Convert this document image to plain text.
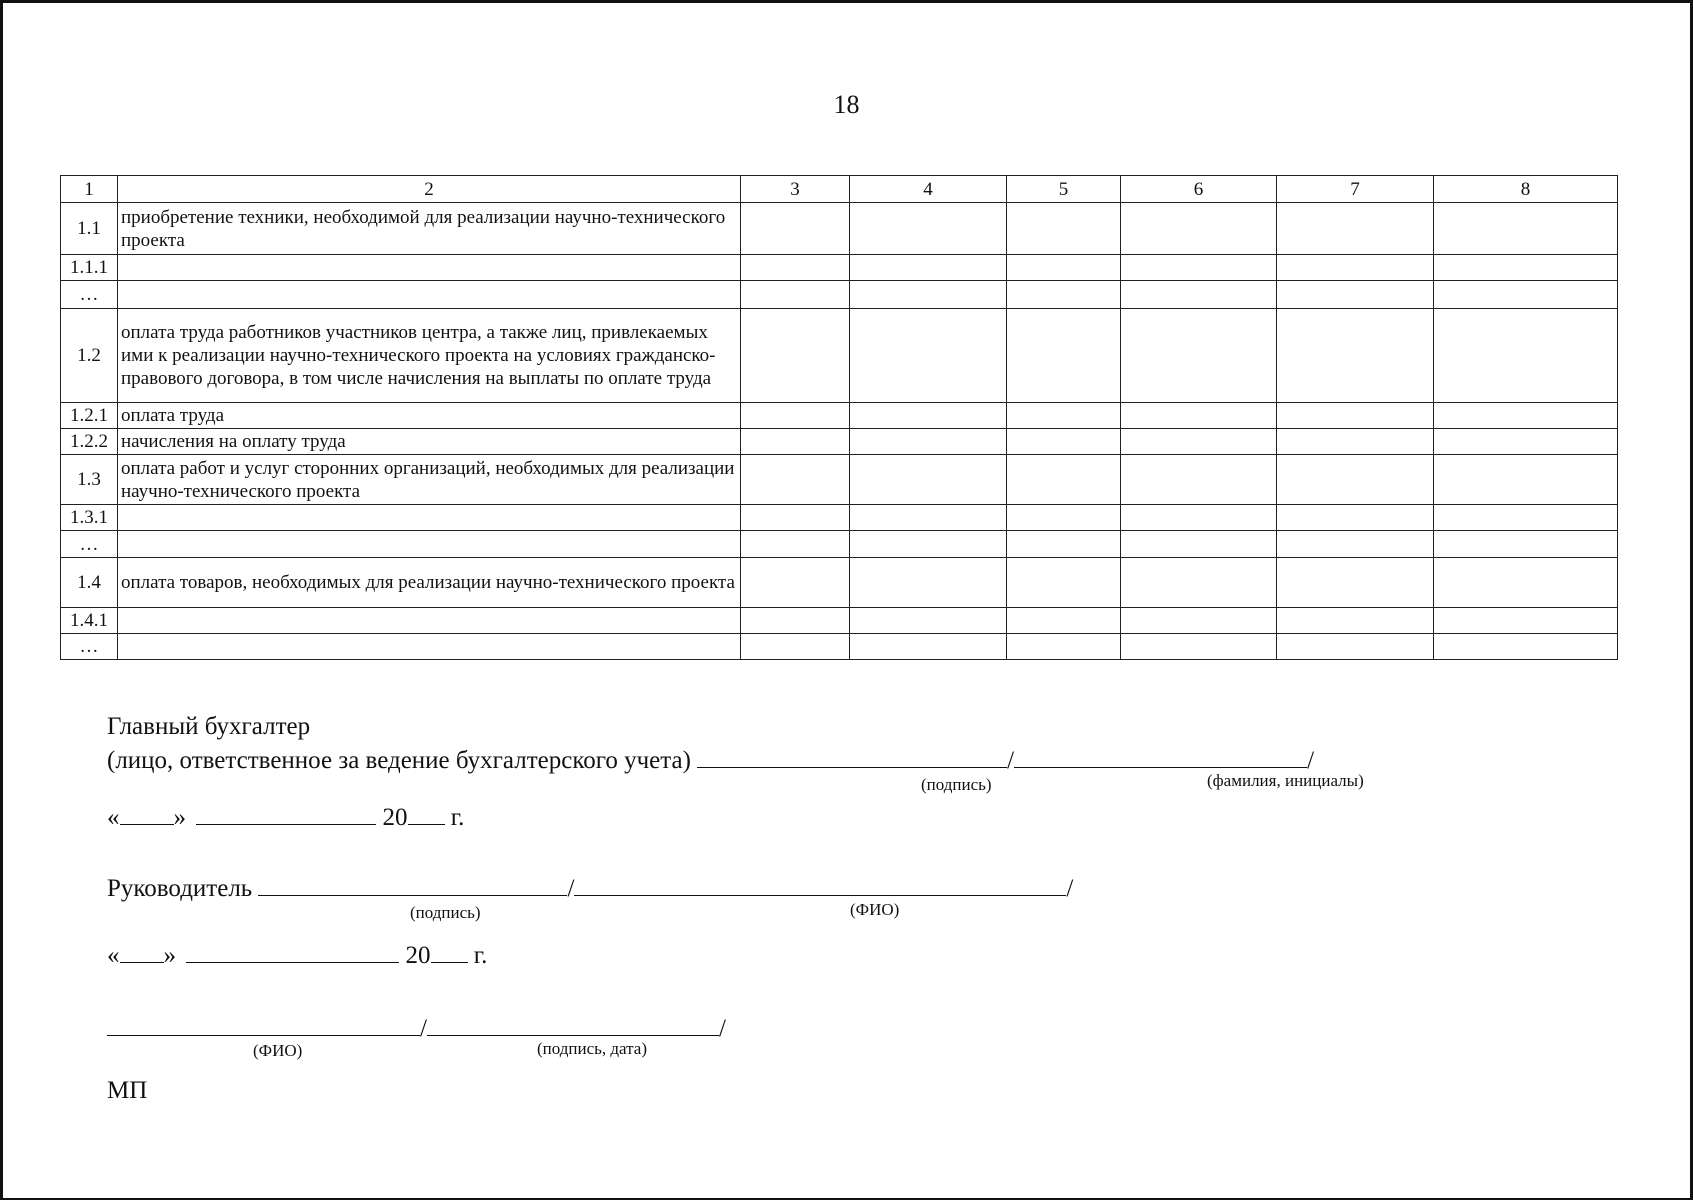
18
1	2	3	4	5	6	7	8
1.1	приобретение техники, необходимой для реализации научно-технического проекта						
1.1.1							
…							
1.2	оплата труда работников участников центра, а также лиц, привлекаемых ими к реализации научно-технического проекта на условиях гражданско-правового договора, в том числе начисления на выплаты по оплате труда						
1.2.1	оплата труда						
1.2.2	начисления на оплату труда						
1.3	оплата работ и услуг сторонних организаций, необходимых для реализации научно-технического проекта						
1.3.1							
…							
1.4	оплата товаров, необходимых для реализации научно-технического проекта						
1.4.1							
…							
Главный бухгалтер
(лицо, ответственное за ведение бухгалтерского учета)	/	/
(подпись)	(фамилия, инициалы)
« »	20 г.
Руководитель	/	/
(подпись)	(ФИО)
« »	20 г.
/	/
(ФИО)	(подпись, дата)
МП
